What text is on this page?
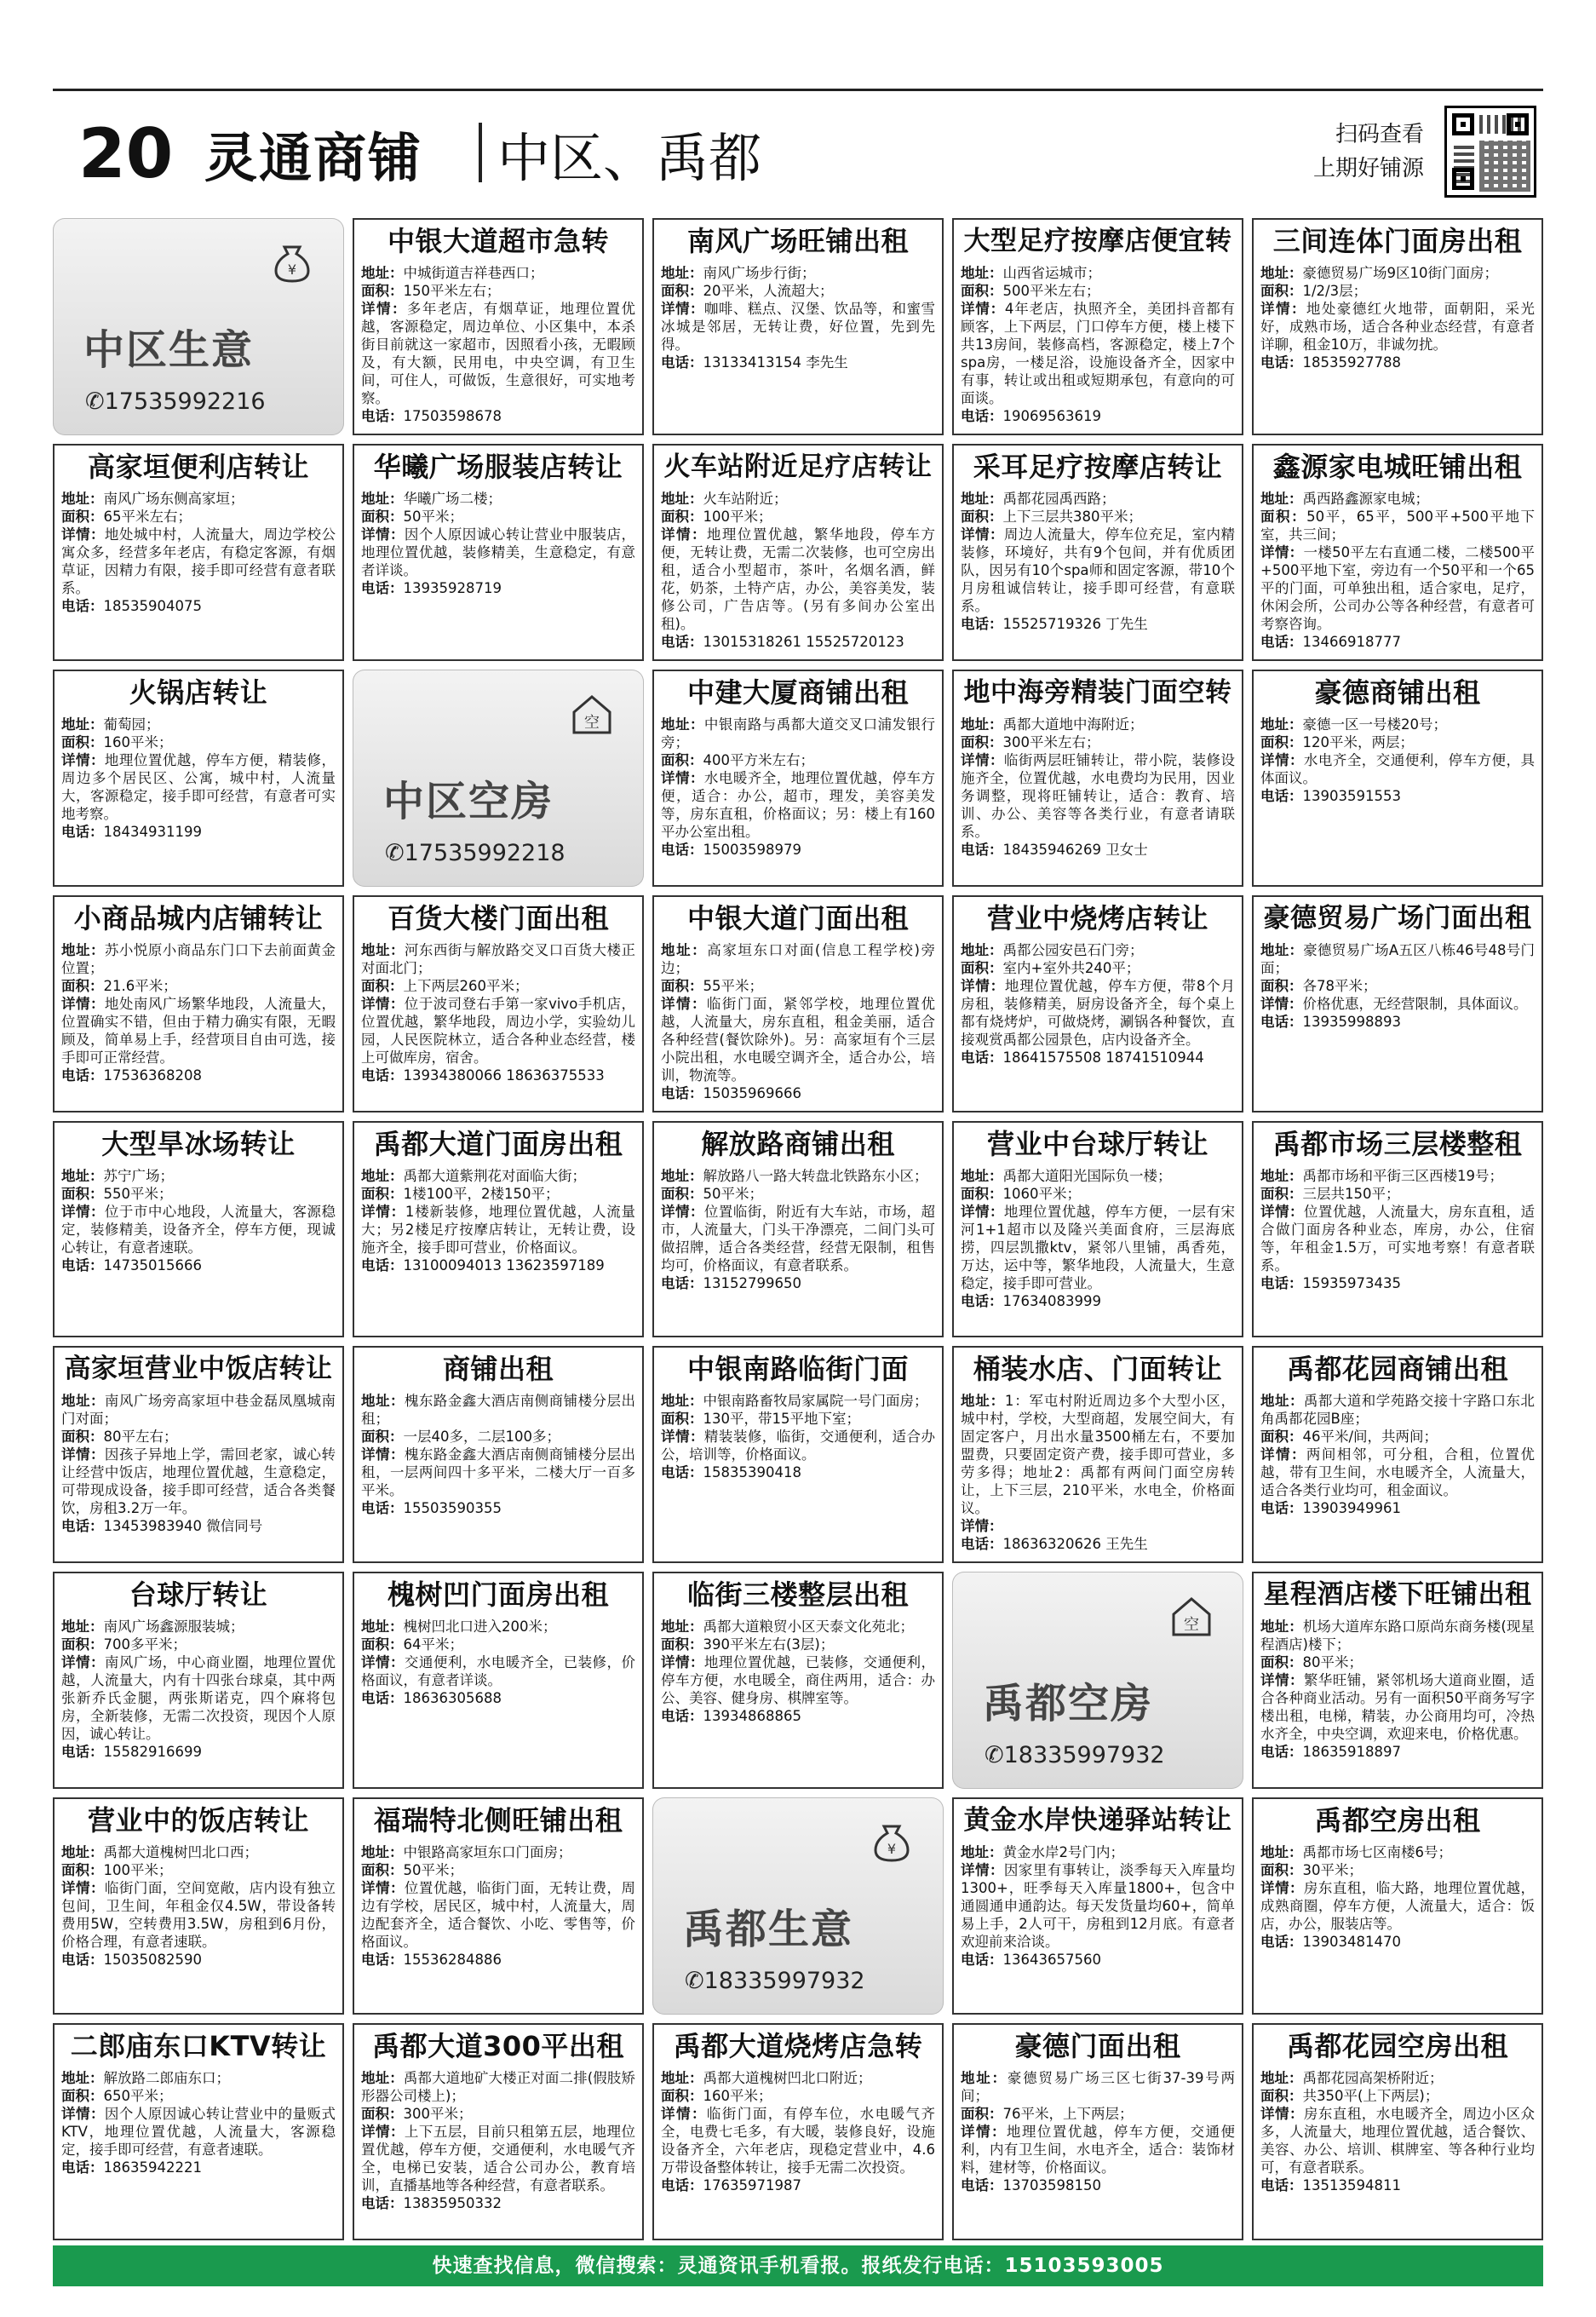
20 灵通商铺 中区、禹都	扫码查看
上期好铺源
¥
中区生意
✆17535992216
中银大道超市急转

地址：中城街道吉祥巷西口；

面积：150平米左右；

详情：多年老店，有烟草证，地理位置优越，客源稳定，周边单位、小区集中，本杀街目前就这一家超市，因照看小孩，无暇顾及，有大额，民用电，中央空调，有卫生间，可住人，可做饭，生意很好，可实地考察。

电话：17503598678

南风广场旺铺出租

地址：南风广场步行街；

面积：20平米，人流超大；

详情：咖啡、糕点、汉堡、饮品等，和蜜雪冰城是邻居，无转让费，好位置，先到先得。

电话：13133413154 李先生

大型足疗按摩店便宜转

地址：山西省运城市；

面积：500平米左右；

详情：4年老店，执照齐全，美团抖音都有顾客，上下两层，门口停车方便，楼上楼下共13房间，装修高档，客源稳定，楼上7个spa房，一楼足浴，设施设备齐全，因家中有事，转让或出租或短期承包，有意向的可面谈。

电话：19069563619

三间连体门面房出租

地址：豪德贸易广场9区10街门面房；

面积：1/2/3层；

详情：地处豪德红火地带，面朝阳，采光好，成熟市场，适合各种业态经营，有意者详聊，租金10万，非诚勿扰。

电话：18535927788

高家垣便利店转让

地址：南风广场东侧高家垣；

面积：65平米左右；

详情：地处城中村，人流量大，周边学校公寓众多，经营多年老店，有稳定客源，有烟草证，因精力有限，接手即可经营有意者联系。

电话：18535904075

华曦广场服装店转让

地址：华曦广场二楼；

面积：50平米；

详情：因个人原因诚心转让营业中服装店，地理位置优越，装修精美，生意稳定，有意者详谈。

电话：13935928719

火车站附近足疗店转让

地址：火车站附近；

面积：100平米；

详情：地理位置优越，繁华地段，停车方便，无转让费，无需二次装修，也可空房出租，适合小型超市，茶叶，名烟名酒，鲜花，奶茶，土特产店，办公，美容美发，装修公司，广告店等。(另有多间办公室出租)。

电话：13015318261 15525720123

采耳足疗按摩店转让

地址：禹都花园禹西路；

面积：上下三层共380平米；

详情：周边人流量大，停车位充足，室内精装修，环境好，共有9个包间，并有优质团队，因另有10个spa师和固定客源，带10个月房租诚信转让，接手即可经营，有意联系。

电话：15525719326 丁先生

鑫源家电城旺铺出租

地址：禹西路鑫源家电城；

面积：50平，65平，500平+500平地下室，共三间；

详情：一楼50平左右直通二楼，二楼500平+500平地下室，旁边有一个50平和一个65平的门面，可单独出租，适合家电，足疗，休闲会所，公司办公等各种经营，有意者可考察咨询。

电话：13466918777

火锅店转让

地址：葡萄园；

面积：160平米；

详情：地理位置优越，停车方便，精装修，周边多个居民区、公寓，城中村，人流量大，客源稳定，接手即可经营，有意者可实地考察。

电话：18434931199

空
中区空房
✆17535992218
中建大厦商铺出租

地址：中银南路与禹都大道交叉口浦发银行旁；

面积：400平方米左右；

详情：水电暖齐全，地理位置优越，停车方便，适合：办公，超市，理发，美容美发等，房东直租，价格面议；另：楼上有160平办公室出租。

电话：15003598979

地中海旁精装门面空转

地址：禹都大道地中海附近；

面积：300平米左右；

详情：临街两层旺铺转让，带小院，装修设施齐全，位置优越，水电费均为民用，因业务调整，现将旺铺转让，适合：教育、培训、办公、美容等各类行业，有意者请联系。

电话：18435946269 卫女士

豪德商铺出租

地址：豪德一区一号楼20号；

面积：120平米，两层；

详情：水电齐全，交通便利，停车方便，具体面议。

电话：13903591553

小商品城内店铺转让

地址：苏小悦原小商品东门口下去前面黄金位置；

面积：21.6平米；

详情：地处南风广场繁华地段，人流量大，位置确实不错，但由于精力确实有限，无暇顾及，简单易上手，经营项目自由可选，接手即可正常经营。

电话：17536368208

百货大楼门面出租

地址：河东西街与解放路交叉口百货大楼正对面北门；

面积：上下两层260平米；

详情：位于波司登右手第一家vivo手机店，位置优越，繁华地段，周边小学，实验幼儿园，人民医院林立，适合各种业态经营，楼上可做库房，宿舍。

电话：13934380066 18636375533

中银大道门面出租

地址：高家垣东口对面(信息工程学校)旁边；

面积：55平米；

详情：临街门面，紧邻学校，地理位置优越，人流量大，房东直租，租金美丽，适合各种经营(餐饮除外)。另：高家垣有个三层小院出租，水电暖空调齐全，适合办公，培训，物流等。

电话：15035969666

营业中烧烤店转让

地址：禹都公园安邑石门旁；

面积：室内+室外共240平；

详情：地理位置优越，停车方便，带8个月房租，装修精美，厨房设备齐全，每个桌上都有烧烤炉，可做烧烤，涮锅各种餐饮，直接观赏禹都公园景色，店内设备齐全。

电话：18641575508 18741510944

豪德贸易广场门面出租

地址：豪德贸易广场A五区八栋46号48号门面；

面积：各78平米；

详情：价格优惠，无经营限制，具体面议。

电话：13935998893

大型旱冰场转让

地址：苏宁广场；

面积：550平米；

详情：位于市中心地段，人流量大，客源稳定，装修精美，设备齐全，停车方便，现诚心转让，有意者速联。

电话：14735015666

禹都大道门面房出租

地址：禹都大道紫荆花对面临大街；

面积：1楼100平，2楼150平；

详情：1楼新装修，地理位置优越，人流量大；另2楼足疗按摩店转让，无转让费，设施齐全，接手即可营业，价格面议。

电话：13100094013 13623597189

解放路商铺出租

地址：解放路八一路大转盘北铁路东小区；

面积：50平米；

详情：位置临街，附近有大车站，市场，超市，人流量大，门头干净漂亮，二间门头可做招牌，适合各类经营，经营无限制，租售均可，价格面议，有意者联系。

电话：13152799650

营业中台球厅转让

地址：禹都大道阳光国际负一楼；

面积：1060平米；

详情：地理位置优越，停车方便，一层有宋河1+1超市以及隆兴美面食府，三层海底捞，四层凯撒ktv，紧邻八里铺，禹香苑，万达，运中等，繁华地段，人流量大，生意稳定，接手即可营业。

电话：17634083999

禹都市场三层楼整租

地址：禹都市场和平街三区西楼19号；

面积：三层共150平；

详情：位置优越，人流量大，房东直租，适合做门面房各种业态，库房，办公，住宿等，年租金1.5万，可实地考察！有意者联系。

电话：15935973435

高家垣营业中饭店转让

地址：南风广场旁高家垣中巷金磊凤凰城南门对面；

面积：80平左右；

详情：因孩子异地上学，需回老家，诚心转让经营中饭店，地理位置优越，生意稳定，可带现成设备，接手即可经营，适合各类餐饮，房租3.2万一年。

电话：13453983940 微信同号

商铺出租

地址：槐东路金鑫大酒店南侧商铺楼分层出租；

面积：一层40多，二层100多；

详情：槐东路金鑫大酒店南侧商铺楼分层出租，一层两间四十多平米，二楼大厅一百多平米。

电话：15503590355

中银南路临街门面

地址：中银南路畜牧局家属院一号门面房；

面积：130平，带15平地下室；

详情：精装装修，临街，交通便利，适合办公，培训等，价格面议。

电话：15835390418

桶装水店、门面转让

地址：1：军屯村附近周边多个大型小区，城中村，学校，大型商超，发展空间大，有固定客户，月出水量3500桶左右，不要加盟费，只要固定资产费，接手即可营业，多劳多得；地址2：禹都有两间门面空房转让，上下三层，210平米，水电全，价格面议。

详情：

电话：18636320626 王先生

禹都花园商铺出租

地址：禹都大道和学苑路交接十字路口东北角禹都花园B座；

面积：46平米/间，共两间；

详情：两间相邻，可分租，合租，位置优越，带有卫生间，水电暖齐全，人流量大，适合各类行业均可，租金面议。

电话：13903949961

台球厅转让

地址：南风广场鑫源服装城；

面积：700多平米；

详情：南风广场，中心商业圈，地理位置优越，人流量大，内有十四张台球桌，其中两张新乔氏金腿，两张斯诺克，四个麻将包房，全新装修，无需二次投资，现因个人原因，诚心转让。

电话：15582916699

槐树凹门面房出租

地址：槐树凹北口进入200米；

面积：64平米；

详情：交通便利，水电暖齐全，已装修，价格面议，有意者详谈。

电话：18636305688

临街三楼整层出租

地址：禹都大道粮贸小区天泰文化苑北；

面积：390平米左右(3层)；

详情：地理位置优越，已装修，交通便利，停车方便，水电暖全，商住两用，适合：办公、美容、健身房、棋牌室等。

电话：13934868865

空
禹都空房
✆18335997932
星程酒店楼下旺铺出租

地址：机场大道库东路口原尚东商务楼(现星程酒店)楼下；

面积：80平米；

详情：繁华旺铺，紧邻机场大道商业圈，适合各种商业活动。另有一面积50平商务写字楼出租，电梯，精装，办公商用均可，冷热水齐全，中央空调，欢迎来电，价格优惠。

电话：18635918897

营业中的饭店转让

地址：禹都大道槐树凹北口西；

面积：100平米；

详情：临街门面，空间宽敞，店内设有独立包间，卫生间，年租金仅4.5W，带设备转费用5W，空转费用3.5W，房租到6月份，价格合理，有意者速联。

电话：15035082590

福瑞特北侧旺铺出租

地址：中银路高家垣东口门面房；

面积：50平米；

详情：位置优越，临街门面，无转让费，周边有学校，居民区，城中村，人流量大，周边配套齐全，适合餐饮、小吃、零售等，价格面议。

电话：15536284886

¥
禹都生意
✆18335997932
黄金水岸快递驿站转让

地址：黄金水岸2号门内；

详情：因家里有事转让，淡季每天入库量均1300+，旺季每天入库量1800+，包含中通圆通申通韵达。每天发货量均60+，简单易上手，2人可干，房租到12月底。有意者欢迎前来洽谈。

电话：13643657560

禹都空房出租

地址：禹都市场七区南楼6号；

面积：30平米；

详情：房东直租，临大路，地理位置优越，成熟商圈，停车方便，人流量大，适合：饭店，办公，服装店等。

电话：13903481470

二郎庙东口KTV转让

地址：解放路二郎庙东口；

面积：650平米；

详情：因个人原因诚心转让营业中的量贩式KTV，地理位置优越，人流量大，客源稳定，接手即可经营，有意者速联。

电话：18635942221

禹都大道300平出租

地址：禹都大道地矿大楼正对面二排(假肢矫形器公司楼上)；

面积：300平米；

详情：上下五层，目前只租第五层，地理位置优越，停车方便，交通便利，水电暖气齐全，电梯已安装，适合公司办公，教育培训，直播基地等各种经营，有意者联系。

电话：13835950332

禹都大道烧烤店急转

地址：禹都大道槐树凹北口附近；

面积：160平米；

详情：临街门面，有停车位，水电暖气齐全，电费七毛多，有大暖，装修良好，设施设备齐全，六年老店，现稳定营业中，4.6万带设备整体转让，接手无需二次投资。

电话：17635971987

豪德门面出租

地址：豪德贸易广场三区七街37-39号两间；

面积：76平米，上下两层；

详情：地理位置优越，停车方便，交通便利，内有卫生间，水电齐全，适合：装饰材料，建材等，价格面议。

电话：13703598150

禹都花园空房出租

地址：禹都花园高架桥附近；

面积：共350平(上下两层)；

详情：房东直租，水电暖齐全，周边小区众多，人流量大，地理位置优越，适合餐饮、美容、办公、培训、棋牌室、等各种行业均可，有意者联系。

电话：13513594811

快速查找信息，微信搜索：灵通资讯手机看报。报纸发行电话：15103593005
